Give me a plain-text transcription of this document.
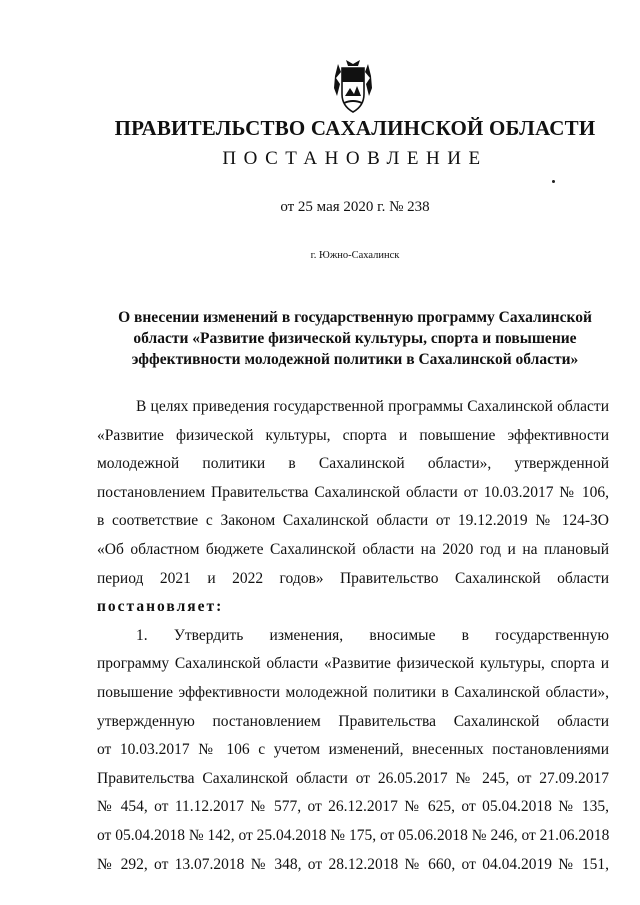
ПРАВИТЕЛЬСТВО САХАЛИНСКОЙ ОБЛАСТИ
ПОСТАНОВЛЕНИЕ
от 25 мая 2020 г. № 238
г. Южно-Сахалинск
О внесении изменений в государственную программу Сахалинской
области «Развитие физической культуры, спорта и повышение
эффективности молодежной политики в Сахалинской области»

В целях приведения государственной программы Сахалинской области
«Развитие физической культуры, спорта и повышение эффективности
молодежной политики в Сахалинской области», утвержденной
постановлением Правительства Сахалинской области от 10.03.2017 № 106,
в соответствие с Законом Сахалинской области от 19.12.2019 № 124-ЗО
«Об областном бюджете Сахалинской области на 2020 год и на плановый
период 2021 и 2022 годов» Правительство Сахалинской области
постановляет:

1. Утвердить изменения, вносимые в государственную
программу Сахалинской области «Развитие физической культуры, спорта и
повышение эффективности молодежной политики в Сахалинской области»,
утвержденную постановлением Правительства Сахалинской области
от 10.03.2017 № 106 с учетом изменений, внесенных постановлениями
Правительства Сахалинской области от 26.05.2017 № 245, от 27.09.2017
№ 454, от 11.12.2017 № 577, от 26.12.2017 № 625, от 05.04.2018 № 135,
от 05.04.2018 № 142, от 25.04.2018 № 175, от 05.06.2018 № 246, от 21.06.2018
№ 292, от 13.07.2018 № 348, от 28.12.2018 № 660, от 04.04.2019 № 151,
